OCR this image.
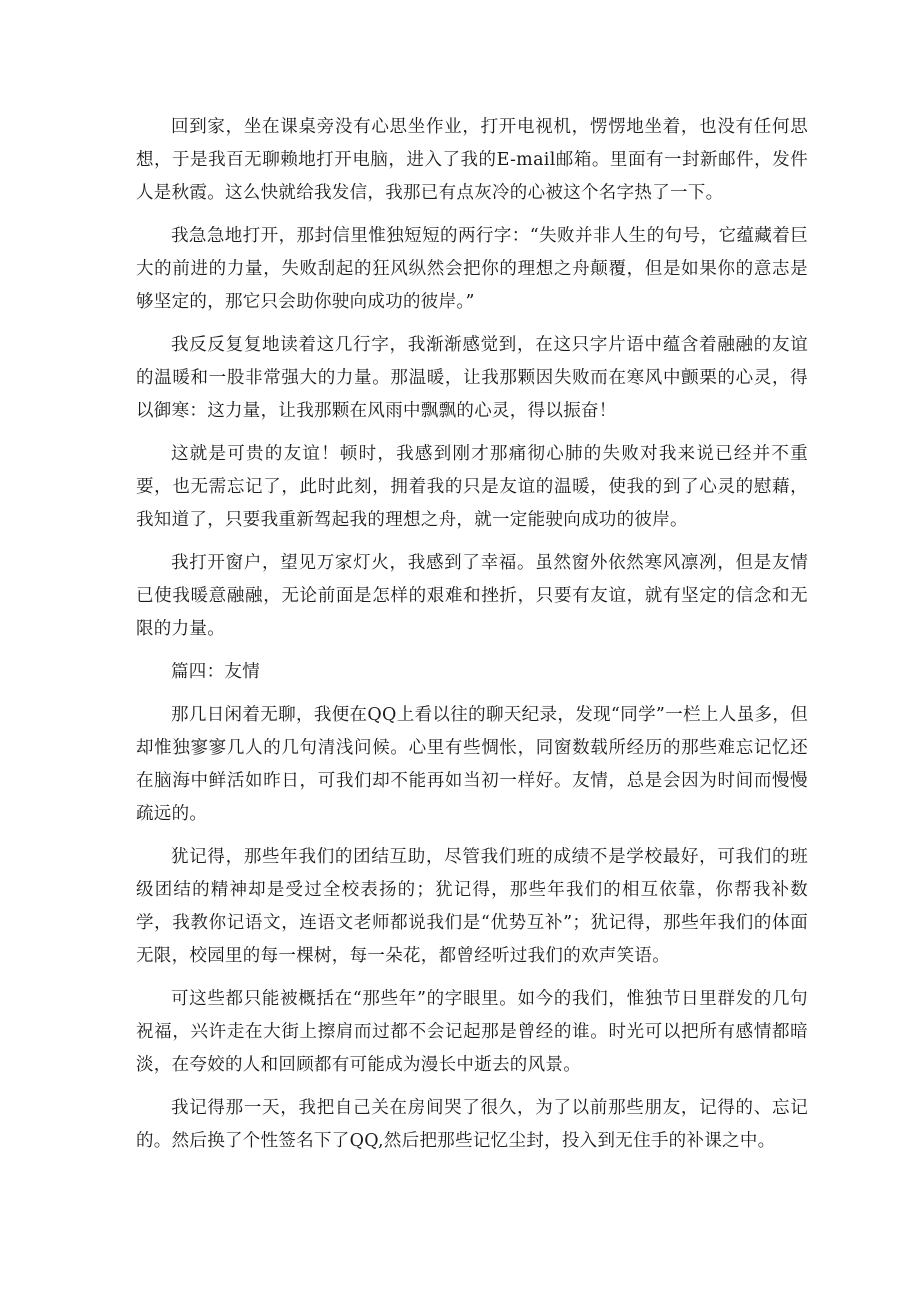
回到家，坐在课桌旁没有心思坐作业，打开电视机，愣愣地坐着，也没有任何思想，于是我百无聊赖地打开电脑，进入了我的E-mail邮箱。里面有一封新邮件，发件人是秋霞。这么快就给我发信，我那已有点灰冷的心被这个名字热了一下。

我急急地打开，那封信里惟独短短的两行字：“失败并非人生的句号，它蕴藏着巨大的前进的力量，失败刮起的狂风纵然会把你的理想之舟颠覆，但是如果你的意志是够坚定的，那它只会助你驶向成功的彼岸。”

我反反复复地读着这几行字，我渐渐感觉到，在这只字片语中蕴含着融融的友谊的温暖和一股非常强大的力量。那温暖，让我那颗因失败而在寒风中颤栗的心灵，得以御寒：这力量，让我那颗在风雨中飘飘的心灵，得以振奋！

这就是可贵的友谊！顿时，我感到刚才那痛彻心肺的失败对我来说已经并不重要，也无需忘记了，此时此刻，拥着我的只是友谊的温暖，使我的到了心灵的慰藉，我知道了，只要我重新驾起我的理想之舟，就一定能驶向成功的彼岸。

我打开窗户，望见万家灯火，我感到了幸福。虽然窗外依然寒风凛冽，但是友情已使我暖意融融，无论前面是怎样的艰难和挫折，只要有友谊，就有坚定的信念和无限的力量。

篇四：友情

那几日闲着无聊，我便在QQ上看以往的聊天纪录，发现“同学”一栏上人虽多，但却惟独寥寥几人的几句清浅问候。心里有些惆怅，同窗数载所经历的那些难忘记忆还在脑海中鲜活如昨日，可我们却不能再如当初一样好。友情，总是会因为时间而慢慢疏远的。

犹记得，那些年我们的团结互助，尽管我们班的成绩不是学校最好，可我们的班级团结的精神却是受过全校表扬的；犹记得，那些年我们的相互依靠，你帮我补数学，我教你记语文，连语文老师都说我们是“优势互补”；犹记得，那些年我们的体面无限，校园里的每一棵树，每一朵花，都曾经听过我们的欢声笑语。

可这些都只能被概括在“那些年”的字眼里。如今的我们，惟独节日里群发的几句祝福，兴许走在大街上擦肩而过都不会记起那是曾经的谁。时光可以把所有感情都暗淡，在夸姣的人和回顾都有可能成为漫长中逝去的风景。

我记得那一天，我把自己关在房间哭了很久，为了以前那些朋友，记得的、忘记的。然后换了个性签名下了QQ,然后把那些记忆尘封，投入到无住手的补课之中。
